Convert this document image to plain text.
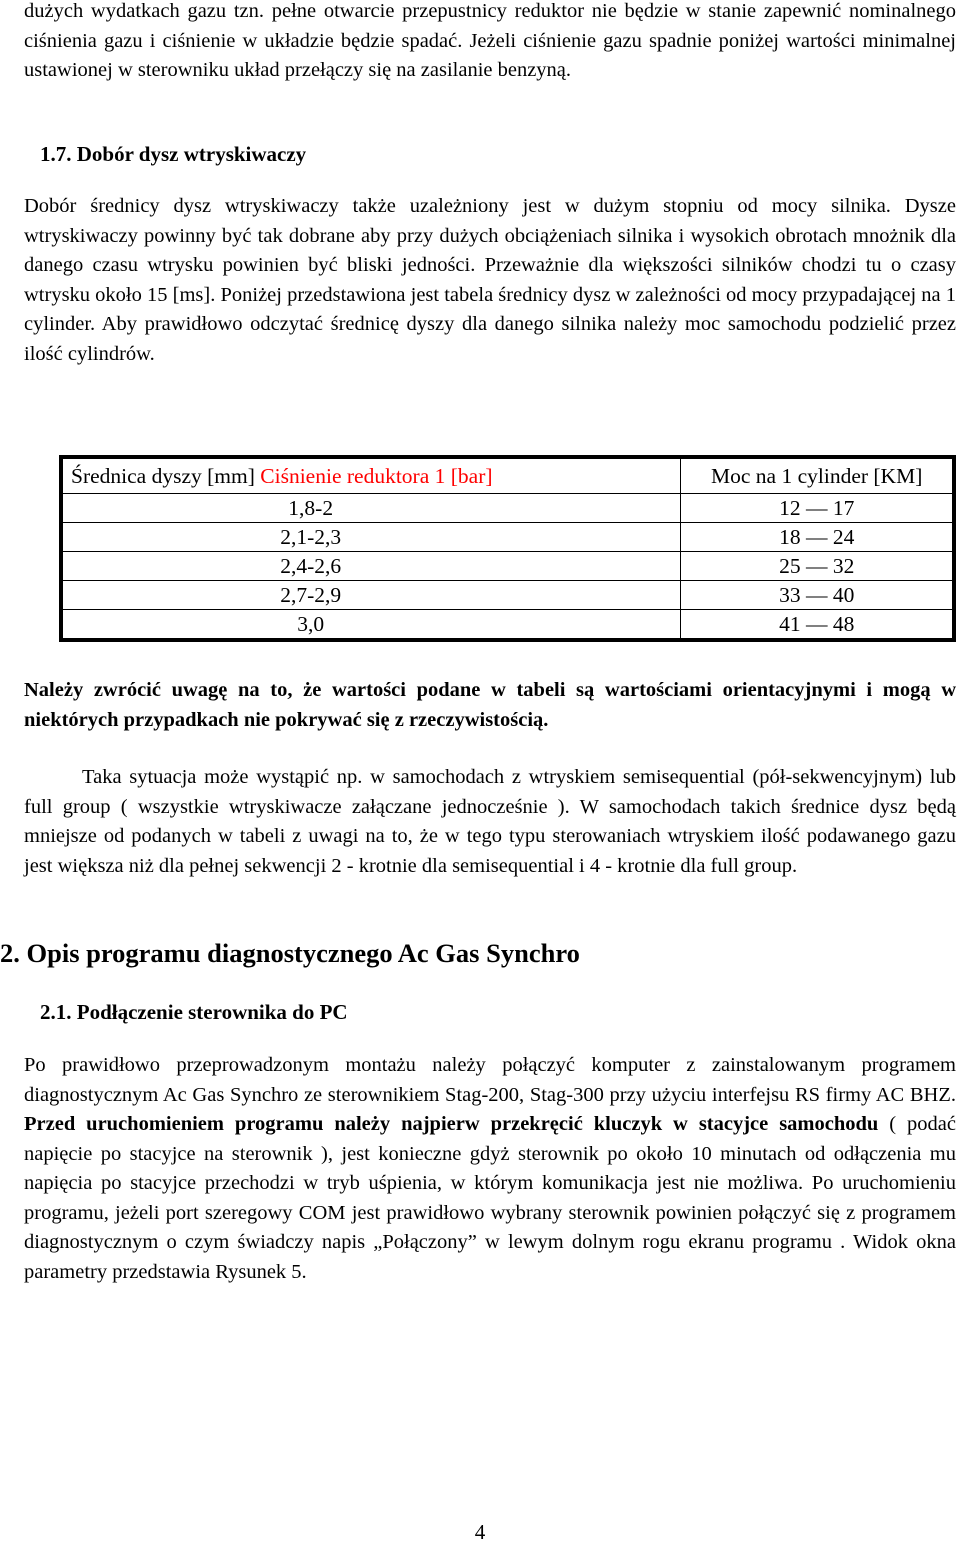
dużych wydatkach gazu tzn. pełne otwarcie przepustnicy reduktor nie będzie w stanie zapewnić nominalnego ciśnienia gazu i ciśnienie w układzie będzie spadać. Jeżeli ciśnienie gazu spadnie poniżej wartości minimalnej ustawionej w sterowniku układ przełączy się na zasilanie benzyną.

1.7. Dobór dysz wtryskiwaczy

Dobór średnicy dysz wtryskiwaczy także uzależniony jest w dużym stopniu od mocy silnika. Dysze wtryskiwaczy powinny być tak dobrane aby przy dużych obciążeniach silnika i wysokich obrotach mnożnik dla danego czasu wtrysku powinien być bliski jedności. Przeważnie dla większości silników chodzi tu o czasy wtrysku około 15 [ms]. Poniżej przedstawiona jest tabela średnicy dysz w zależności od mocy przypadającej na 1 cylinder. Aby prawidłowo odczytać średnicę dyszy dla danego silnika należy moc samochodu podzielić przez ilość cylindrów.

Średnica dyszy [mm] Ciśnienie reduktora 1 [bar]	Moc na 1 cylinder [KM]
1,8-2	12 — 17
2,1-2,3	18 — 24
2,4-2,6	25 — 32
2,7-2,9	33 — 40
3,0	41 — 48

Należy zwrócić uwagę na to, że wartości podane w tabeli są wartościami orientacyjnymi i mogą w niektórych przypadkach nie pokrywać się z rzeczywistością.

Taka sytuacja może wystąpić np. w samochodach z wtryskiem semisequential (pół-sekwencyjnym) lub full group ( wszystkie wtryskiwacze załączane jednocześnie ). W samochodach takich średnice dysz będą mniejsze od podanych w tabeli z uwagi na to, że w tego typu sterowaniach wtryskiem ilość podawanego gazu jest większa niż dla pełnej sekwencji 2 - krotnie dla semisequential i 4 - krotnie dla full group.

2. Opis programu diagnostycznego Ac Gas Synchro
2.1. Podłączenie sterownika do PC

Po prawidłowo przeprowadzonym montażu należy połączyć komputer z zainstalowanym programem diagnostycznym Ac Gas Synchro ze sterownikiem Stag-200, Stag-300 przy użyciu interfejsu RS firmy AC BHZ. Przed uruchomieniem programu należy najpierw przekręcić kluczyk w stacyjce samochodu ( podać napięcie po stacyjce na sterownik ), jest konieczne gdyż sterownik po około 10 minutach od odłączenia mu napięcia po stacyjce przechodzi w tryb uśpienia, w którym komunikacja jest nie możliwa. Po uruchomieniu programu, jeżeli port szeregowy COM jest prawidłowo wybrany sterownik powinien połączyć się z programem diagnostycznym o czym świadczy napis „Połączony” w lewym dolnym rogu ekranu programu . Widok okna parametry przedstawia Rysunek 5.

4
